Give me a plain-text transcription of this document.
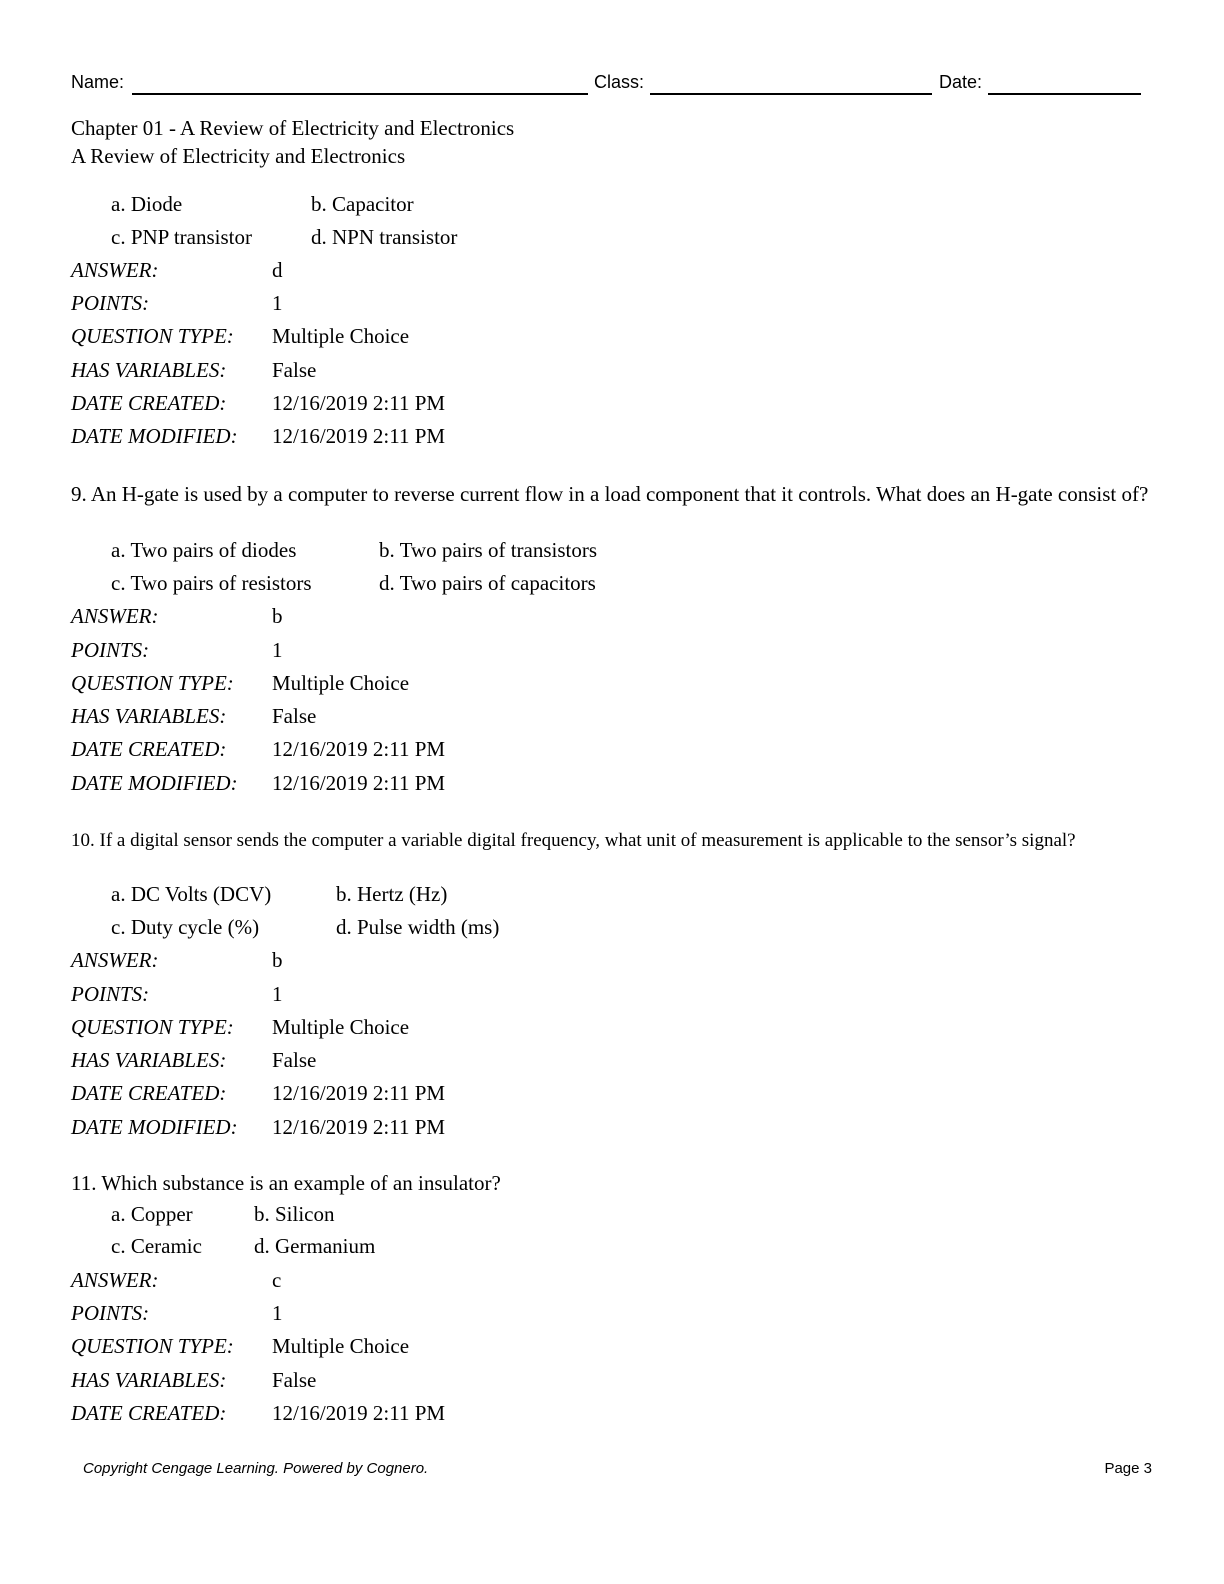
Name:	Class:	Date:
Chapter 01 - A Review of Electricity and Electronics
A Review of Electricity and Electronics
a. Diode	b. Capacitor
c. PNP transistor	d. NPN transistor
ANSWER:	d
POINTS:	1
QUESTION TYPE: Multiple Choice
HAS VARIABLES: False
DATE CREATED: 12/16/2019 2:11 PM
DATE MODIFIED: 12/16/2019 2:11 PM
9. An H-gate is used by a computer to reverse current flow in a load component that it controls. What does an H-gate consist of?
a. Two pairs of diodes	b. Two pairs of transistors
c. Two pairs of resistors	d. Two pairs of capacitors
ANSWER:	b
POINTS:	1
QUESTION TYPE: Multiple Choice
HAS VARIABLES: False
DATE CREATED: 12/16/2019 2:11 PM
DATE MODIFIED: 12/16/2019 2:11 PM
10. If a digital sensor sends the computer a variable digital frequency, what unit of measurement is applicable to the sensor’s signal?
a. DC Volts (DCV)	b. Hertz (Hz)
c. Duty cycle (%)	d. Pulse width (ms)
ANSWER:	b
POINTS:	1
QUESTION TYPE: Multiple Choice
HAS VARIABLES: False
DATE CREATED: 12/16/2019 2:11 PM
DATE MODIFIED: 12/16/2019 2:11 PM
11. Which substance is an example of an insulator?
a. Copper	b. Silicon
c. Ceramic d. Germanium
ANSWER:	c
POINTS:	1
QUESTION TYPE: Multiple Choice
HAS VARIABLES: False
DATE CREATED: 12/16/2019 2:11 PM
Copyright Cengage Learning. Powered by Cognero.	Page 3
